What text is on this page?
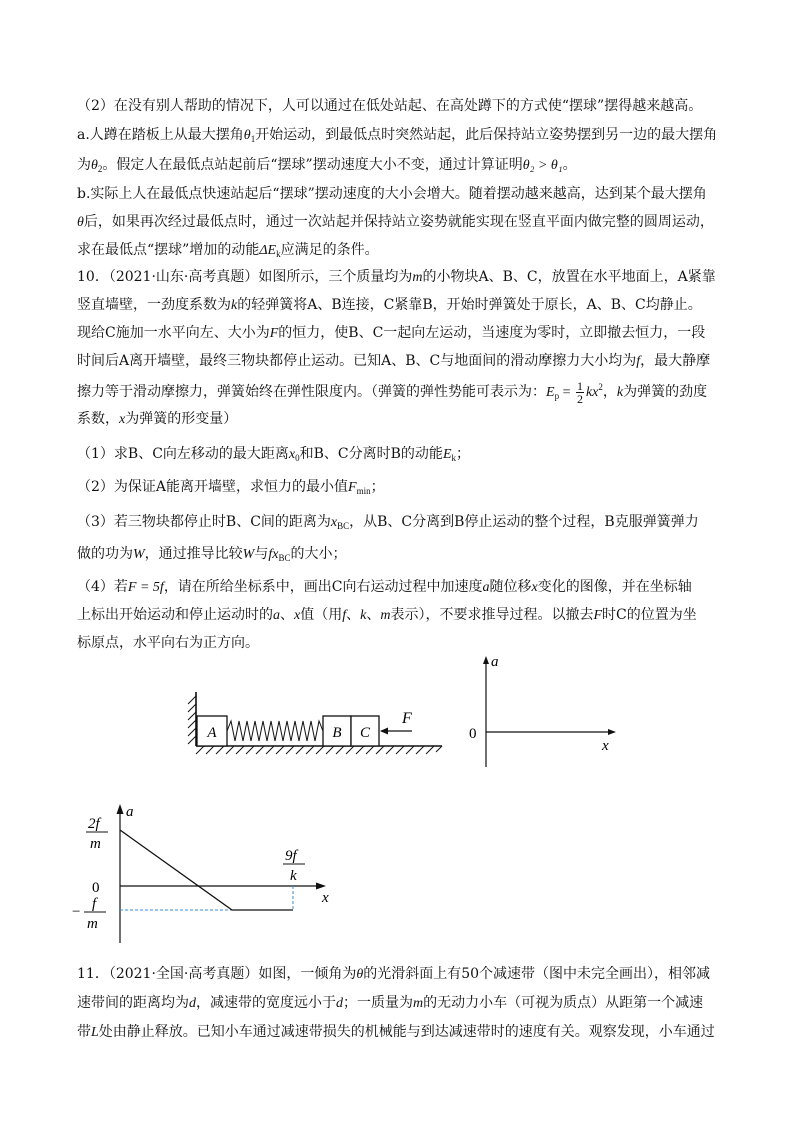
（2）在没有别人帮助的情况下，人可以通过在低处站起、在高处蹲下的方式使“摆球”摆得越来越高。
a.人蹲在踏板上从最大摆角$\theta_1$开始运动，到最低点时突然站起，此后保持站立姿势摆到另一边的最大摆角
为$\theta_2$。假定人在最低点站起前后“摆球”摆动速度大小不变，通过计算证明θ₂ > θ₁。
b.实际上人在最低点快速站起后“摆球”摆动速度的大小会增大。随着摆动越来越高，达到某个最大摆角
θ后，如果再次经过最低点时，通过一次站起并保持站立姿势就能实现在竖直平面内做完整的圆周运动，
求在最低点“摆球”增加的动能$\Delta E_k$应满足的条件。
10．（2021·山东·高考真题）如图所示，三个质量均为m的小物块A、B、C，放置在水平地面上，A紧靠
竖直墙壁，一劲度系数为k的轻弹簧将A、B连接，C紧靠B，开始时弹簧处于原长，A、B、C均静止。
现给C施加一水平向左、大小为F的恒力，使B、C一起向左运动，当速度为零时，立即撤去恒力，一段
时间后A离开墙壁，最终三物块都停止运动。已知A、B、C与地面间的滑动摩擦力大小均为f，最大静摩
擦力等于滑动摩擦力，弹簧始终在弹性限度内。（弹簧的弹性势能可表示为：$E_p = \frac{1}{2} kx^2$，k为弹簧的劲度
系数，x为弹簧的形变量）
（1）求B、C向左移动的最大距离$x_0$和B、C分离时B的动能$E_k$；
（2）为保证A能离开墙壁，求恒力的最小值$F_{min}$；
（3）若三物块都停止时B、C间的距离为$x_{BC}$，从B、C分离到B停止运动的整个过程，B克服弹簧弹力
做的功为W，通过推导比较W与$fx_{BC}$的大小；
（4）若F = 5f，请在所给坐标系中，画出C向右运动过程中加速度a随位移x变化的图像，并在坐标轴
上标出开始运动和停止运动时的a、x值（用f、k、m表示），不要求推导过程。以撤去F时C的位置为坐
标原点，水平向右为正方向。
A	B C
F
a
x
0
a
x
0
2f
m
− f
m
9f
k
11．（2021·全国·高考真题）如图，一倾角为θ的光滑斜面上有50个减速带（图中未完全画出），相邻减
速带间的距离均为d，减速带的宽度远小于d；一质量为m的无动力小车（可视为质点）从距第一个减速
带L处由静止释放。已知小车通过减速带损失的机械能与到达减速带时的速度有关。观察发现，小车通过
